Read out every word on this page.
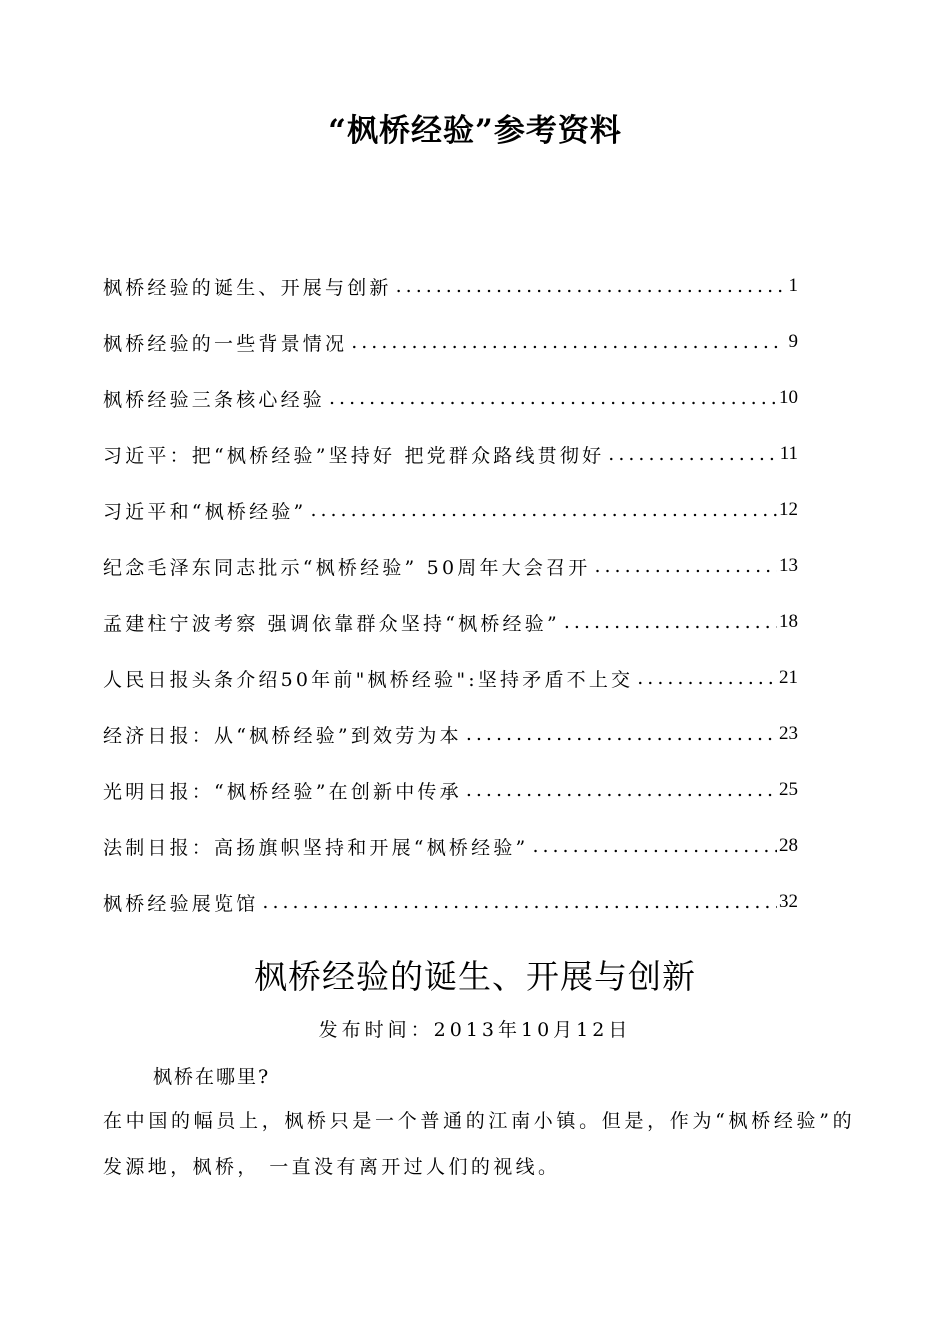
“枫桥经验”参考资料
枫桥经验的诞生、开展与创新 .....	1
枫桥经验的一些背景情况 .....	9
枫桥经验三条核心经验 .....	10
习近平：把“枫桥经验”坚持好 把党群众路线贯彻好 .....	11
习近平和“枫桥经验” .....	12
纪念毛泽东同志批示“枫桥经验” 50周年大会召开 .....	13
孟建柱宁波考察 强调依靠群众坚持“枫桥经验” .....	18
人民日报头条介绍50年前"枫桥经验":坚持矛盾不上交 .....	21
经济日报：从“枫桥经验”到效劳为本 .....	23
光明日报：“枫桥经验”在创新中传承 .....	25
法制日报：高扬旗帜坚持和开展“枫桥经验” .....	28
枫桥经验展览馆 .....	32
枫桥经验的诞生、开展与创新
发布时间：2013年10月12日
枫桥在哪里?
在中国的幅员上，枫桥只是一个普通的江南小镇。但是，作为“枫桥经验”的发源地，枫桥， 一直没有离开过人们的视线。
